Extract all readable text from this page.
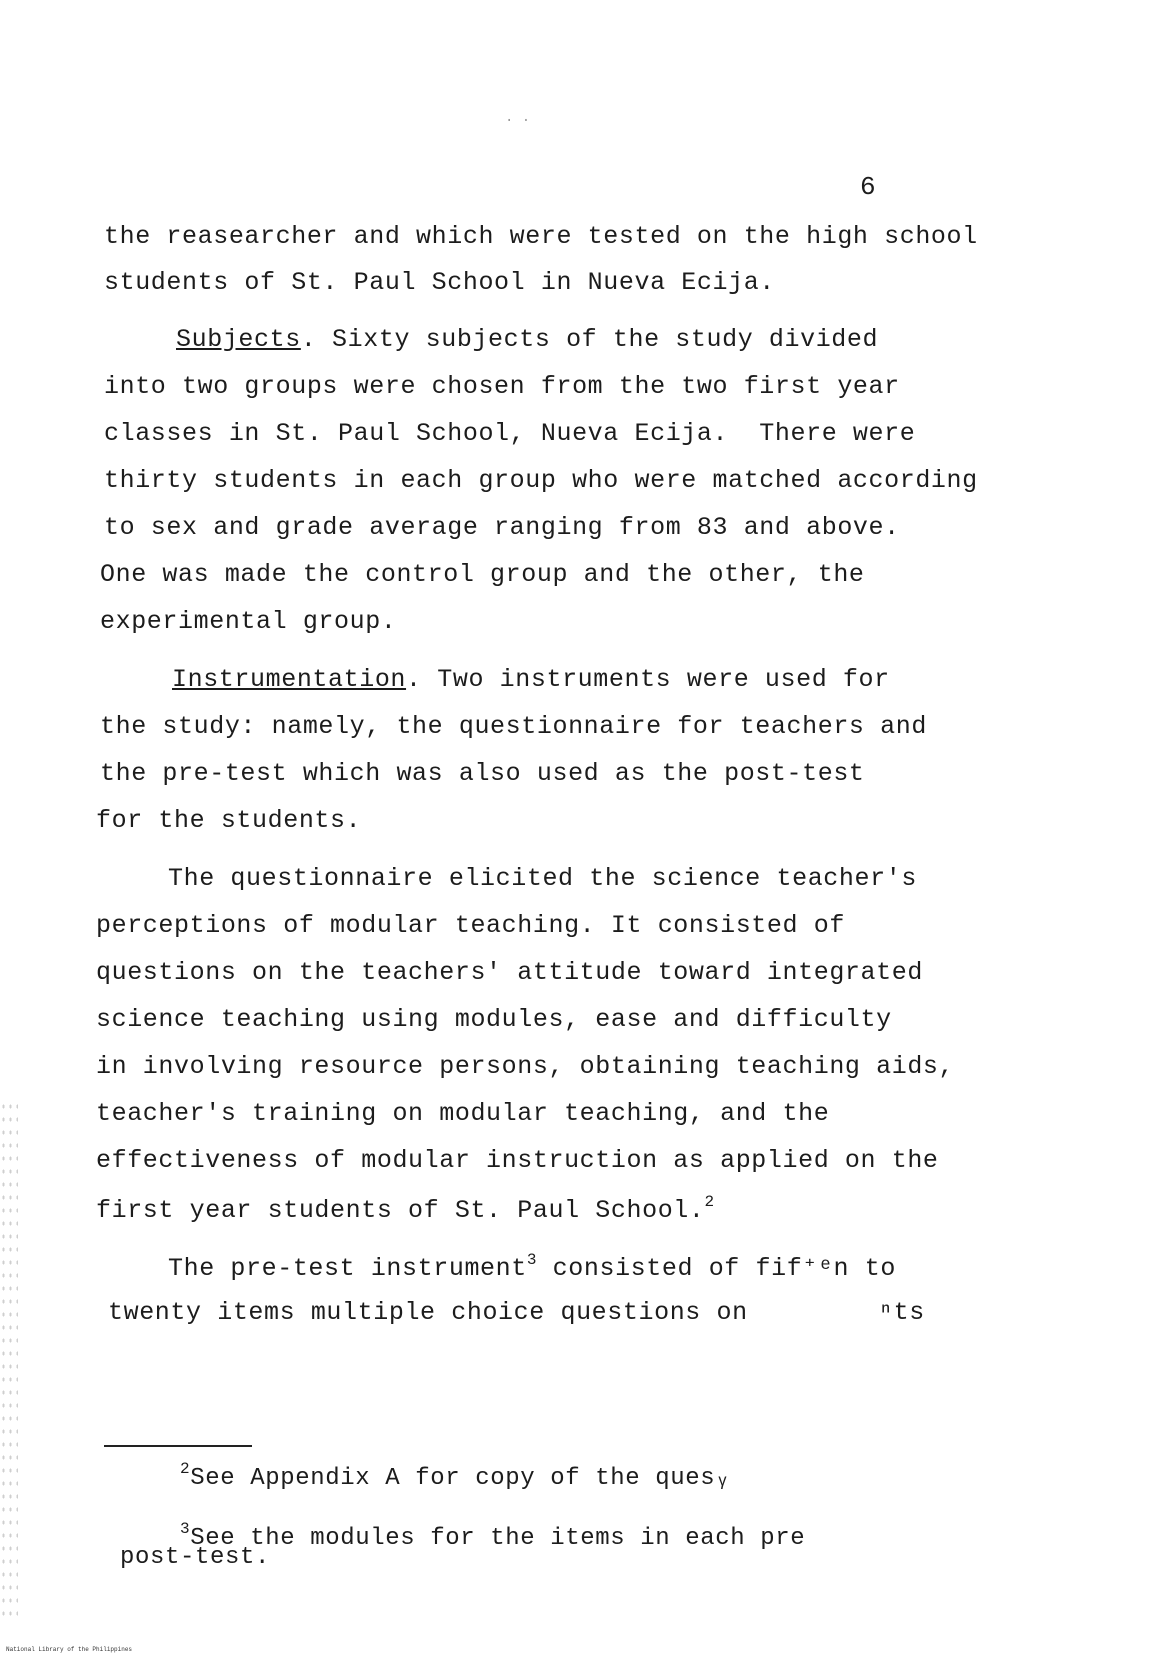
. .
6
the reasearcher and which were tested on the high school
students of St. Paul School in Nueva Ecija.
Subjects. Sixty subjects of the study divided
into two groups were chosen from the two first year
classes in St. Paul School, Nueva Ecija.  There were
thirty students in each group who were matched according
to sex and grade average ranging from 83 and above.
One was made the control group and the other, the
experimental group.
Instrumentation. Two instruments were used for
the study: namely, the questionnaire for teachers and
the pre-test which was also used as the post-test
for the students.
The questionnaire elicited the science teacher's
perceptions of modular teaching. It consisted of
questions on the teachers' attitude toward integrated
science teaching using modules, ease and difficulty
in involving resource persons, obtaining teaching aids,
teacher's training on modular teaching, and the
effectiveness of modular instruction as applied on the
first year students of St. Paul School.$^2$
The pre-test instrument$^3$ consisted of fif⁺ᵉn to
twenty items multiple choice questions on	ⁿts
$^2$See Appendix A for copy of the quesᵧ
$^3$See the modules for the items in each pre
post-test.
National Library of the Philippines
